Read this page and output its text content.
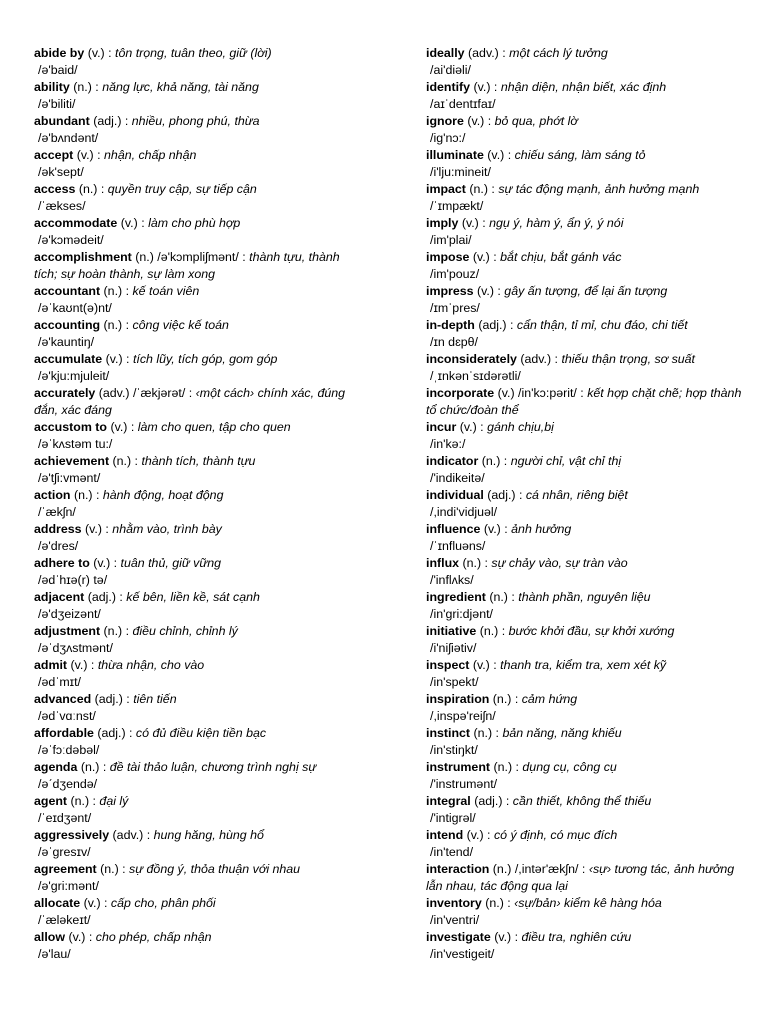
abide by (v.) : tôn trọng, tuân theo, giữ (lời)
/ə'baid/
ability (n.) : năng lực, khả năng, tài năng
/ə'biliti/
abundant (adj.) : nhiều, phong phú, thừa
/ə'bʌndənt/
accept (v.) : nhận, chấp nhận
/ək'sept/
access (n.) : quyền truy cập, sự tiếp cận
/ˈækses/
accommodate (v.) : làm cho phù hợp
/ə'kɔmədeit/
accomplishment (n.) /ə'kɔmpliʃmənt/ : thành tựu, thành tích; sự hoàn thành, sự làm xong
accountant (n.) : kế toán viên
/əˈkaʊnt(ə)nt/
accounting (n.) : công việc kế toán
/ə'kauntiŋ/
accumulate (v.) : tích lũy, tích góp, gom góp
/ə'kju:mjuleit/
accurately (adv.) /ˈækjərət/ : ‹một cách› chính xác, đúng đắn, xác đáng
accustom to (v.) : làm cho quen, tập cho quen
/əˈkʌstəm tu:/
achievement (n.) : thành tích, thành tựu
/ə'tʃi:vmənt/
action (n.) : hành động, hoạt động
/ˈækʃn/
address (v.) : nhằm vào, trình bày
/ə'dres/
adhere to (v.) : tuân thủ, giữ vững
/ədˈhɪə(r) tə/
adjacent (adj.) : kế bên, liền kề, sát cạnh
/ə'dʒeizənt/
adjustment (n.) : điều chỉnh, chỉnh lý
/əˈdʒʌstmənt/
admit (v.) : thừa nhận, cho vào
/ədˈmɪt/
advanced (adj.) : tiên tiến
/ədˈvɑːnst/
affordable (adj.) : có đủ điều kiện tiền bạc
/əˈfɔːdəbəl/
agenda (n.) : đề tài thảo luận, chương trình nghị sự
/əˊdʒendə/
agent (n.) : đại lý
/ˈeɪdʒənt/
aggressively (adv.) : hung hăng, hùng hổ
/əˈgresɪv/
agreement (n.) : sự đồng ý, thỏa thuận với nhau
/ə'gri:mənt/
allocate (v.) : cấp cho, phân phối
/ˈæləkeɪt/
allow (v.) : cho phép, chấp nhận
/ə'lau/
ideally (adv.) : một cách lý tưởng
/ai'diəli/
identify (v.) : nhận diện, nhận biết, xác định
/aɪˈdentɪfaɪ/
ignore (v.) : bỏ qua, phớt lờ
/ig'nɔ:/
illuminate (v.) : chiếu sáng, làm sáng tỏ
/i'lju:mineit/
impact (n.) : sự tác động mạnh, ảnh hưởng mạnh
/ˈɪmpækt/
imply (v.) : ngụ ý, hàm ý, ẩn ý, ý nói
/im'plai/
impose (v.) : bắt chịu, bắt gánh vác
/im'pouz/
impress (v.) : gây ấn tượng, để lại ấn tượng
/ɪmˈpres/
in-depth (adj.) : cẩn thận, tỉ mỉ, chu đáo, chi tiết
/ɪn dɛpθ/
inconsiderately (adv.) : thiếu thận trọng, sơ suất
/ˌɪnkənˈsɪdərətli/
incorporate (v.) /in'kɔ:pərit/ : kết hợp chặt chẽ; hợp thành tổ chức/đoàn thể
incur (v.) : gánh chịu,bị
/in'kə:/
indicator (n.) : người chỉ, vật chỉ thị
/'indikeitə/
individual (adj.) : cá nhân, riêng biệt
/,indi'vidjuəl/
influence (v.) : ảnh hưởng
/ˈɪnfluəns/
influx (n.) : sự chảy vào, sự tràn vào
/'inflʌks/
ingredient (n.) : thành phần, nguyên liệu
/in'gri:djənt/
initiative (n.) : bước khởi đầu, sự khởi xướng
/i'niʃiətiv/
inspect (v.) : thanh tra, kiểm tra, xem xét kỹ
/in'spekt/
inspiration (n.) : cảm hứng
/,inspə'reiʃn/
instinct (n.) : bản năng, năng khiếu
/in'stiŋkt/
instrument (n.) : dụng cụ, công cụ
/'instrumənt/
integral (adj.) : cần thiết, không thể thiếu
/'intigrəl/
intend (v.) : có ý định, có mục đích
/in'tend/
interaction (n.) /,intər'ækʃn/ : ‹sự› tương tác, ảnh hưởng lẫn nhau, tác động qua lại
inventory (n.) : ‹sự/bản› kiểm kê hàng hóa
/in'ventri/
investigate (v.) : điều tra, nghiên cứu
/in'vestigeit/
